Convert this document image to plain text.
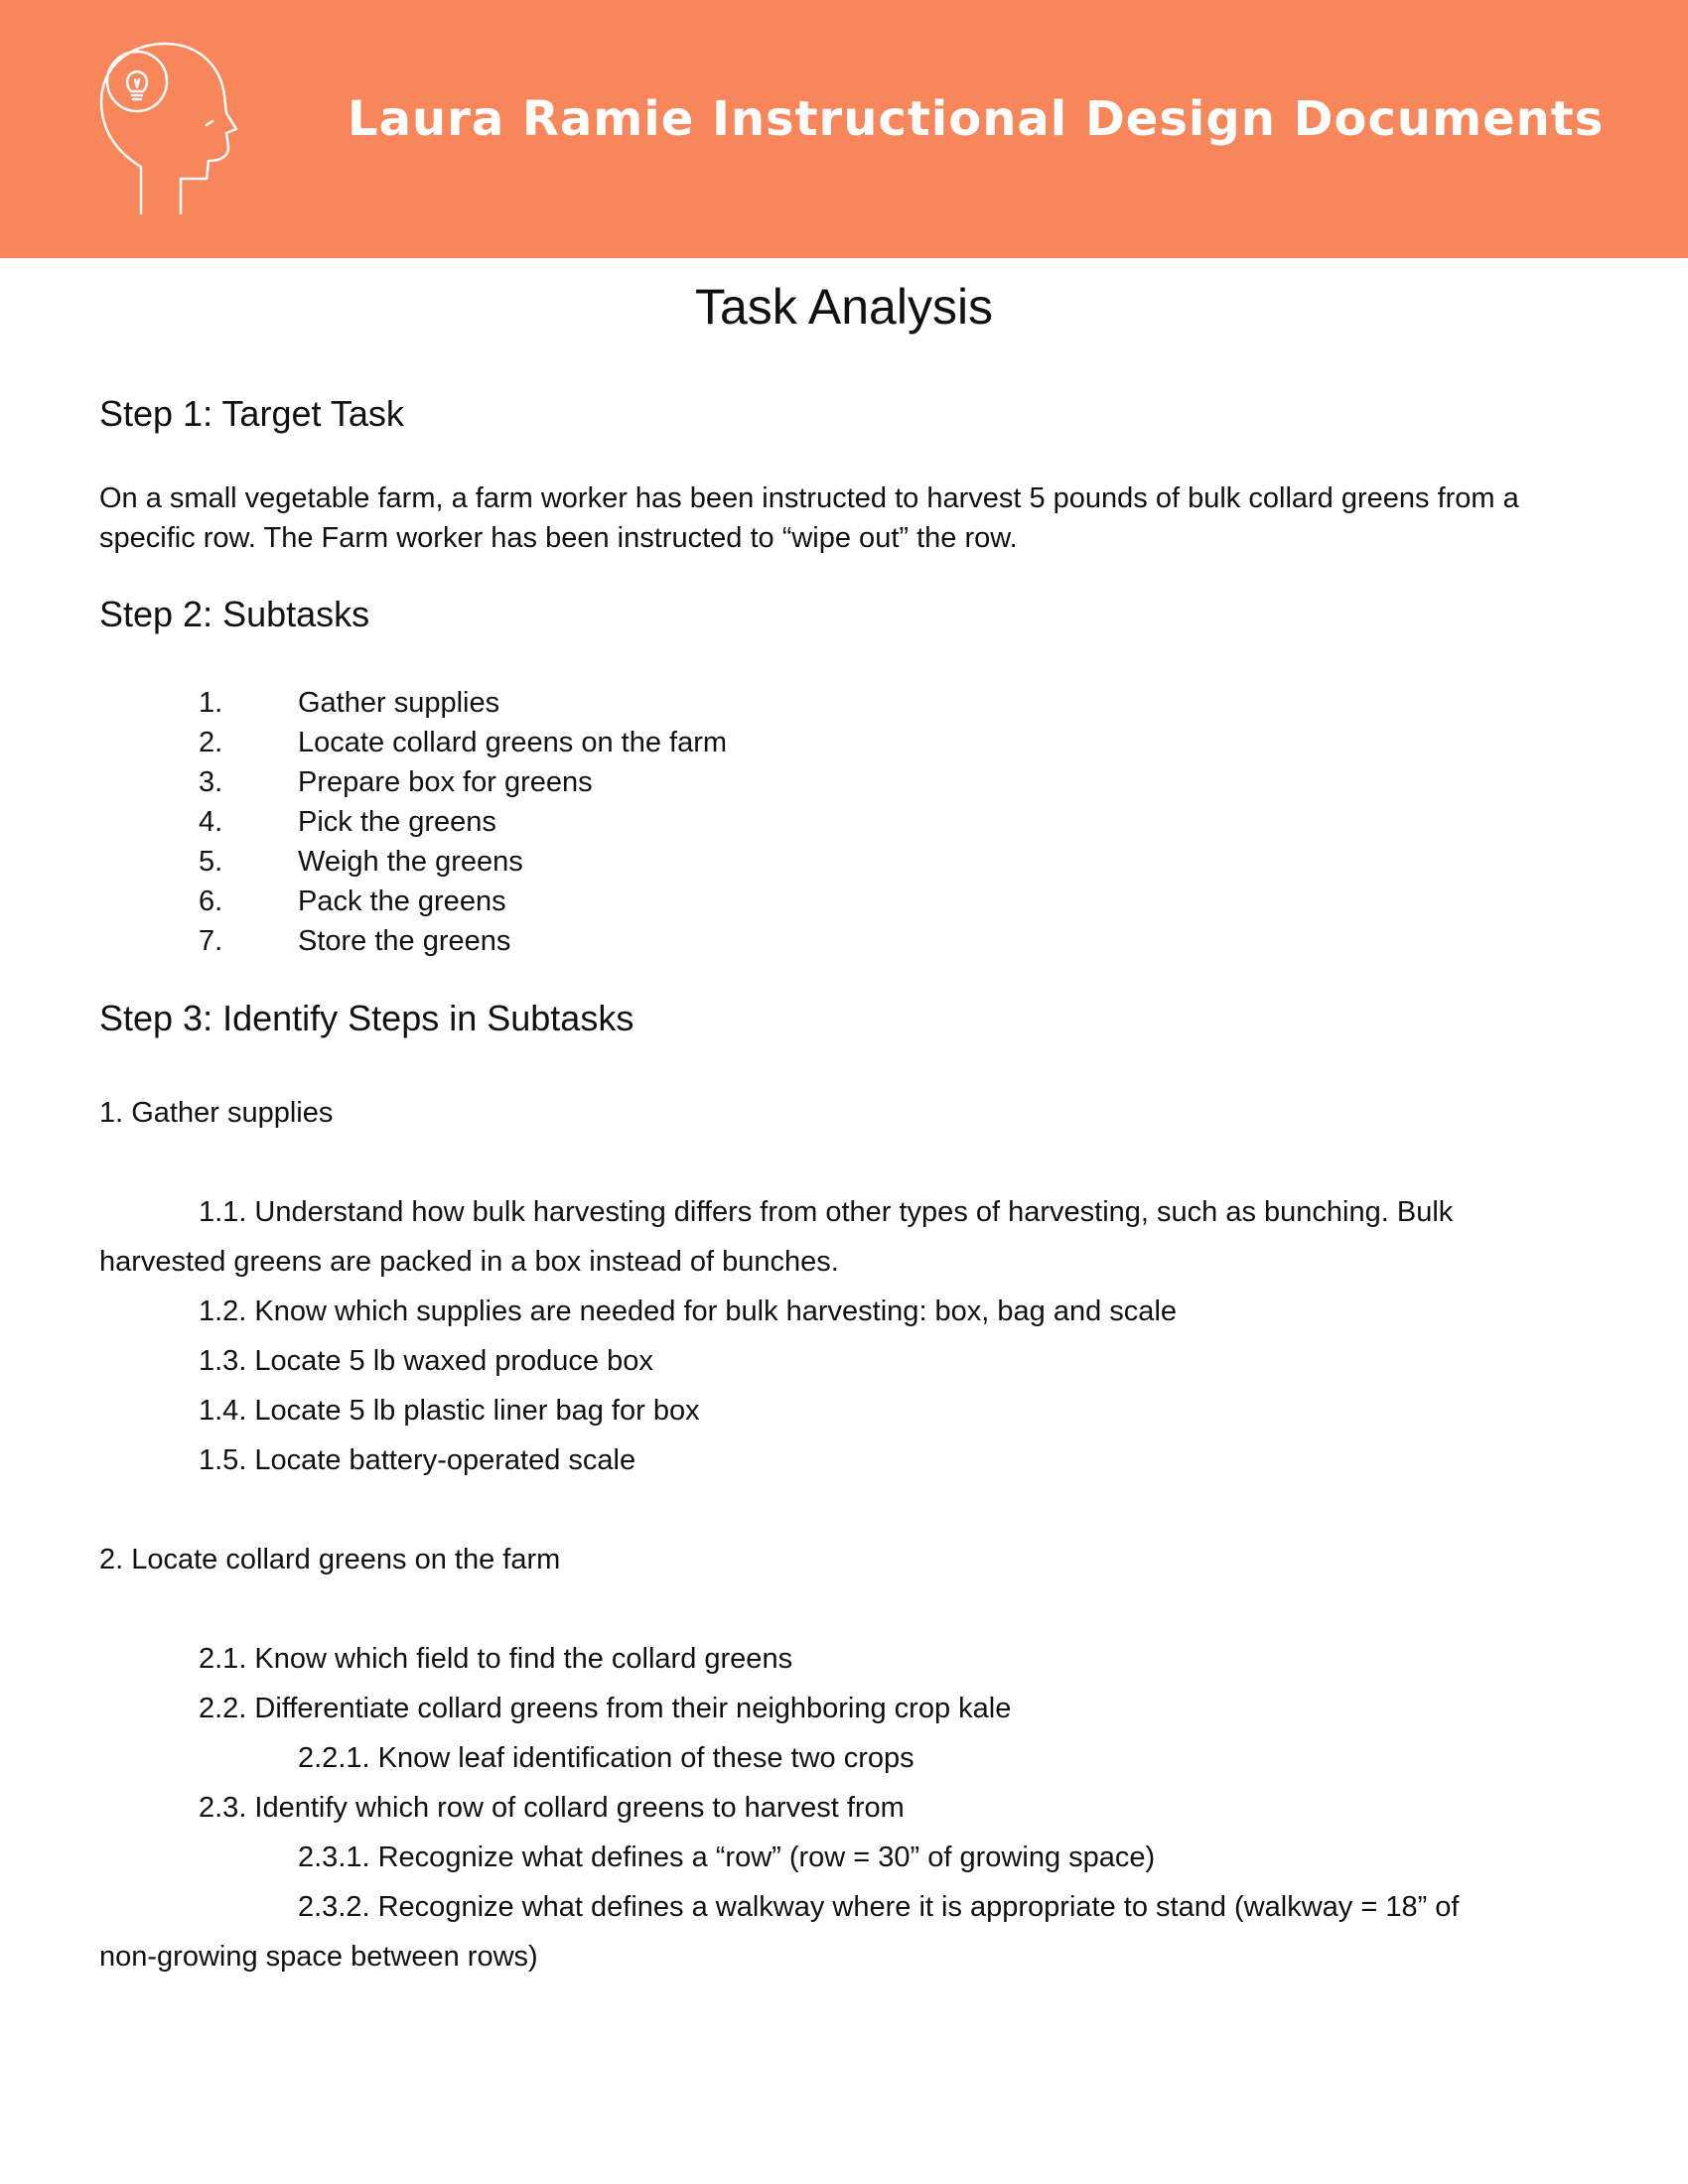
Laura Ramie Instructional Design Documents
Task Analysis
Step 1: Target Task
On a small vegetable farm, a farm worker has been instructed to harvest 5 pounds of bulk collard greens from a specific row. The Farm worker has been instructed to “wipe out” the row.
Step 2: Subtasks
1.	Gather supplies
2.	Locate collard greens on the farm
3.	Prepare box for greens
4.	Pick the greens
5.	Weigh the greens
6.	Pack the greens
7.	Store the greens
Step 3: Identify Steps in Subtasks
1. Gather supplies
1.1. Understand how bulk harvesting differs from other types of harvesting, such as bunching. Bulk
harvested greens are packed in a box instead of bunches.
1.2. Know which supplies are needed for bulk harvesting: box, bag and scale
1.3. Locate 5 lb waxed produce box
1.4. Locate 5 lb plastic liner bag for box
1.5. Locate battery-operated scale
2. Locate collard greens on the farm
2.1. Know which field to find the collard greens
2.2. Differentiate collard greens from their neighboring crop kale
2.2.1. Know leaf identification of these two crops
2.3. Identify which row of collard greens to harvest from
2.3.1. Recognize what defines a “row” (row = 30” of growing space)
2.3.2. Recognize what defines a walkway where it is appropriate to stand (walkway = 18” of
non-growing space between rows)
